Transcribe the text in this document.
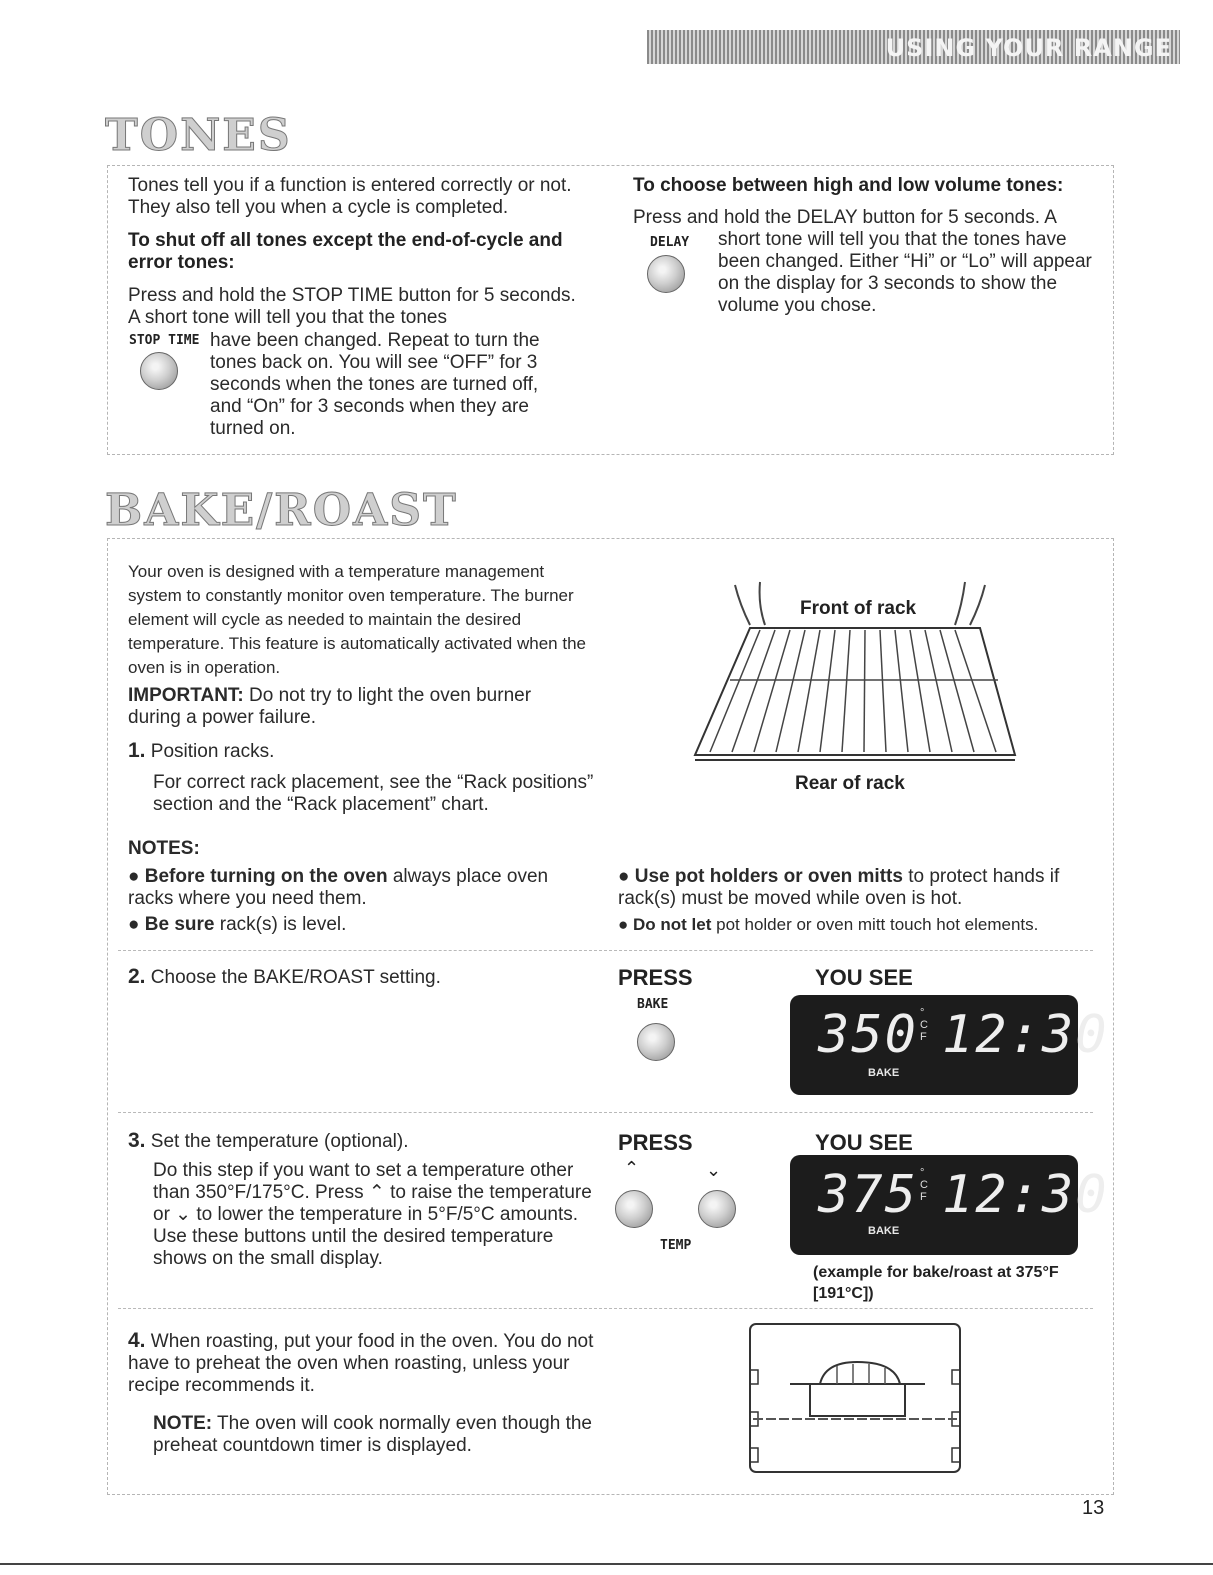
USING YOUR RANGE
TONES
Tones tell you if a function is entered correctly or not. They also tell you when a cycle is completed.
To shut off all tones except the end-of-cycle and error tones:
Press and hold the STOP TIME button for 5 seconds. A short tone will tell you that the tones
STOP TIME have been changed. Repeat to turn the tones back on. You will see “OFF” for 3 seconds when the tones are turned off, and “On” for 3 seconds when they are turned on.
To choose between high and low volume tones:
Press and hold the DELAY button for 5 seconds. A
DELAY short tone will tell you that the tones have been changed. Either “Hi” or “Lo” will appear on the display for 3 seconds to show the volume you chose.
BAKE/ROAST
Your oven is designed with a temperature management system to constantly monitor oven temperature. The burner element will cycle as needed to maintain the desired temperature. This feature is automatically activated when the oven is in operation.
IMPORTANT: Do not try to light the oven burner during a power failure.
1. Position racks.
For correct rack placement, see the “Rack positions” section and the “Rack placement” chart.
Front of rack
Rear of rack
NOTES:
● Before turning on the oven always place oven racks where you need them.
● Be sure rack(s) is level.
● Use pot holders or oven mitts to protect hands if rack(s) must be moved while oven is hot.
● Do not let pot holder or oven mitt touch hot elements.
2. Choose the BAKE/ROAST setting.	PRESS	YOU SEE
BAKE
350 °
C
F 12:30
BAKE
3. Set the temperature (optional).
Do this step if you want to set a temperature other than 350°F/175°C. Press ⌃ to raise the temperature or ⌄ to lower the temperature in 5°F/5°C amounts. Use these buttons until the desired temperature shows on the small display.
PRESS	YOU SEE
⌃	⌄
TEMP
375 °
C
F 12:30
BAKE
(example for bake/roast at 375°F [191°C])
4. When roasting, put your food in the oven. You do not have to preheat the oven when roasting, unless your recipe recommends it.
NOTE: The oven will cook normally even though the preheat countdown timer is displayed.
13
